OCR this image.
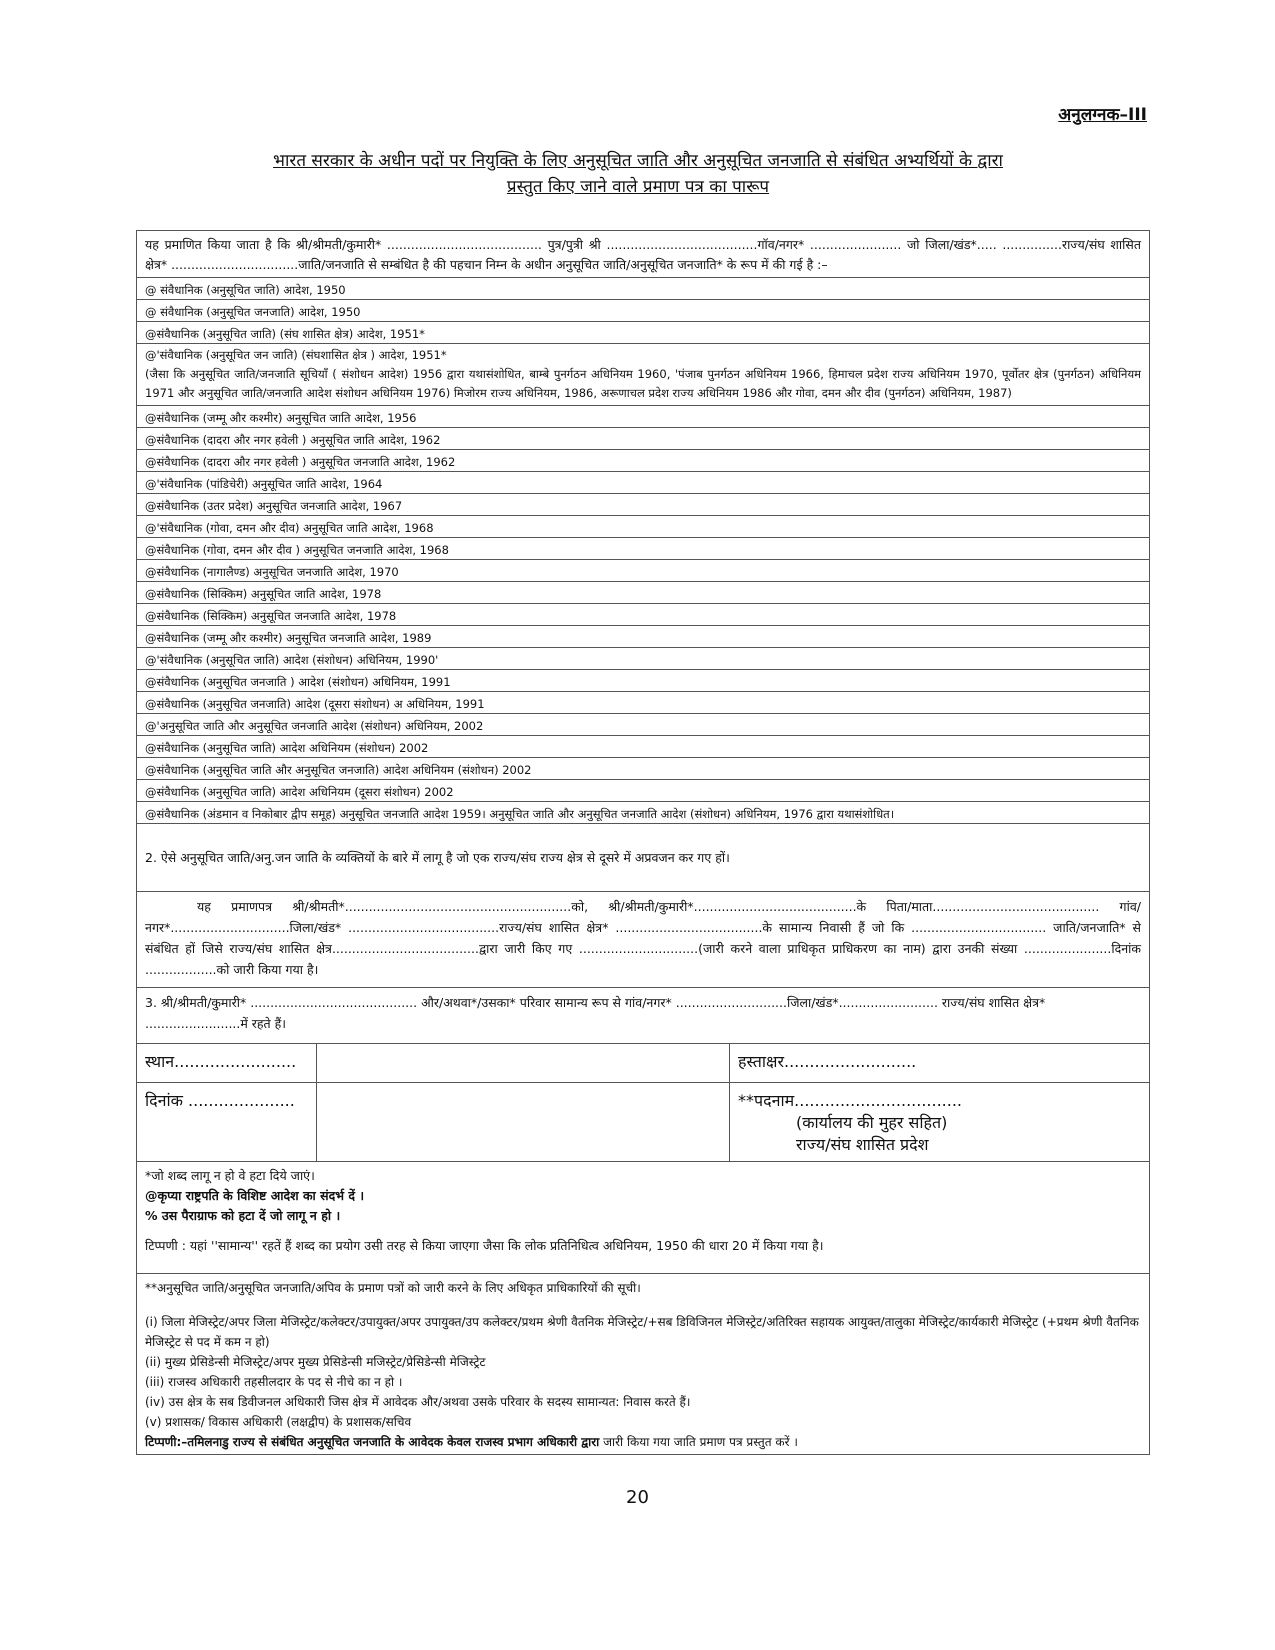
अनुलग्नक–III
भारत सरकार के अधीन पदों पर नियुक्ति के लिए अनुसूचित जाति और अनुसूचित जनजाति से संबंधित अभ्यर्थियों के द्वारा
प्रस्तुत किए जाने वाले प्रमाण पत्र का पारूप
यह प्रमाणित किया जाता है कि श्री/श्रीमती/कुमारी* ....................................... पुत्र/पुत्री श्री ......................................गॉव/नगर* ....................... जो जिला/खंड*..... ...............राज्य/संघ शासित क्षेत्र* ................................जाति/जनजाति से सम्बंधित है की पहचान निम्न के अधीन अनुसूचित जाति/अनुसूचित जनजाति* के रूप में की गई है :–
@ संवैधानिक (अनुसूचित जाति) आदेश, 1950
@ संवैधानिक (अनुसूचित जनजाति) आदेश, 1950
@संवैधानिक (अनुसूचित जाति) (संघ शासित क्षेत्र) आदेश, 1951*
@'संवैधानिक (अनुसूचित जन जाति) (संघशासित क्षेत्र ) आदेश, 1951*
(जैसा कि अनुसूचित जाति/जनजाति सूचियॉं ( संशोधन आदेश) 1956 द्वारा यथासंशोधित, बाम्बे पुनर्गठन अधिनियम 1960, 'पंजाब पुनर्गठन अधिनियम 1966, हिमाचल प्रदेश राज्य अधिनियम 1970, पूर्वोतर क्षेत्र (पुनर्गठन) अधिनियम 1971 और अनुसूचित जाति/जनजाति आदेश संशोधन अधिनियम 1976) मिजोरम राज्य अधिनियम, 1986, अरूणाचल प्रदेश राज्य अधिनियम 1986 और गोवा, दमन और दीव (पुनर्गठन) अधिनियम, 1987)
@संवैधानिक (जम्मू और कश्मीर) अनुसूचित जाति आदेश, 1956
@संवैधानिक (दादरा और नगर हवेली ) अनुसूचित जाति आदेश, 1962
@संवैधानिक (दादरा और नगर हवेली ) अनुसूचित जनजाति आदेश, 1962
@'संवैधानिक (पांडिचेरी) अनुसूचित जाति आदेश, 1964
@संवैधानिक (उतर प्रदेश) अनुसूचित जनजाति आदेश, 1967
@'संवैधानिक (गोवा, दमन और दीव) अनुसूचित जाति आदेश, 1968
@संवैधानिक (गोवा, दमन और दीव ) अनुसूचित जनजाति आदेश, 1968
@संवैधानिक (नागालैण्ड) अनुसूचित जनजाति आदेश, 1970
@संवैधानिक (सिक्किम) अनुसूचित जाति आदेश, 1978
@संवैधानिक (सिक्किम) अनुसूचित जनजाति आदेश, 1978
@संवैधानिक (जम्मू और कश्मीर) अनुसूचित जनजाति आदेश, 1989
@'संवैधानिक (अनुसूचित जाति) आदेश (संशोधन) अधिनियम, 1990'
@संवैधानिक (अनुसूचित जनजाति ) आदेश (संशोधन) अधिनियम, 1991
@संवैधानिक (अनुसूचित जनजाति) आदेश (दूसरा संशोधन) अ अधिनियम, 1991
@'अनुसूचित जाति और अनुसूचित जनजाति आदेश (संशोधन) अधिनियम, 2002
@संवैधानिक (अनुसूचित जाति) आदेश अधिनियम (संशोधन) 2002
@संवैधानिक (अनुसूचित जाति और अनुसूचित जनजाति) आदेश अधिनियम (संशोधन) 2002
@संवैधानिक (अनुसूचित जाति) आदेश अधिनियम (दूसरा संशोधन) 2002
@संवैधानिक (अंडमान व निकोबार द्वीप समूह) अनुसूचित जनजाति आदेश 1959। अनुसूचित जाति और अनुसूचित जनजाति आदेश (संशोधन) अधिनियम, 1976 द्वारा यथासंशोधित।
2. ऐसे अनुसूचित जाति/अनु.जन जाति के व्यक्तियों के बारे में लागू है जो एक राज्य/संघ राज्य क्षेत्र से दूसरे में अप्रवजन कर गए हों।
यह प्रमाणपत्र श्री/श्रीमती*.........................................................को, श्री/श्रीमती/कुमारी*.........................................के पिता/माता.......................................... गांव/नगर*..............................जिला/खंड* ......................................राज्य/संघ शासित क्षेत्र* .....................................के सामान्य निवासी हैं जो कि .................................. जाति/जनजाति* से संबंधित हों जिसे राज्य/संघ शासित क्षेत्र.....................................द्वारा जारी किए गए ..............................(जारी करने वाला प्राधिकृत प्राधिकरण का नाम) द्वारा उनकी संख्या ......................दिनांक ..................को जारी किया गया है।
3. श्री/श्रीमती/कुमारी* .......................................... और/अथवा*/उसका* परिवार सामान्य रूप से गांव/नगर* ............................जिला/खंड*......................... राज्य/संघ शासित क्षेत्र* ........................में रहते हैं।
स्थान........................	हस्ताक्षर..........................
दिनांक .....................	**पदनाम.................................
(कार्यालय की मुहर सहित)
राज्य/संघ शासित प्रदेश
*जो शब्द लागू न हो वे हटा दिये जाएं।
@कृप्या राष्ट्रपति के विशिष्ट आदेश का संदर्भ दें ।
% उस पैराग्राफ को हटा दें जो लागू न हो ।
टिप्पणी : यहां ''सामान्य'' रहतें हैं शब्द का प्रयोग उसी तरह से किया जाएगा जैसा कि लोक प्रतिनिधित्व अधिनियम, 1950 की धारा 20 में किया गया है।
**अनुसूचित जाति/अनुसूचित जनजाति/अपिव के प्रमाण पत्रों को जारी करने के लिए अधिकृत प्राधिकारियों की सूची।
(i) जिला मेजिस्ट्रेट/अपर जिला मेजिस्ट्रेट/कलेक्टर/उपायुक्त/अपर उपायुक्त/उप कलेक्टर/प्रथम श्रेणी वैतनिक मेजिस्ट्रेट/+सब डिविजिनल मेजिस्ट्रेट/अतिरिक्त सहायक आयुक्त/तालुका मेजिस्ट्रेट/कार्यकारी मेजिस्ट्रेट (+प्रथम श्रेणी वैतनिक मेजिस्ट्रेट से पद में कम न हो)
(ii) मुख्य प्रेसिडेन्सी मेजिस्ट्रेट/अपर मुख्य प्रेसिडेन्सी मजिस्ट्रेट/प्रेसिडेन्सी मेजिस्ट्रेट
(iii) राजस्व अधिकारी तहसीलदार के पद से नीचे का न हो ।
(iv) उस क्षेत्र के सब डिवीजनल अधिकारी जिस क्षेत्र में आवेदक और/अथवा उसके परिवार के सदस्य सामान्यत: निवास करते हैं।
(v) प्रशासक/ विकास अधिकारी (लक्षद्वीप) के प्रशासक/सचिव
टिप्पणी:–तमिलनाडु राज्य से संबंधित अनुसूचित जनजाति के आवेदक केवल राजस्व प्रभाग अधिकारी द्वारा जारी किया गया जाति प्रमाण पत्र प्रस्तुत करें ।
20
